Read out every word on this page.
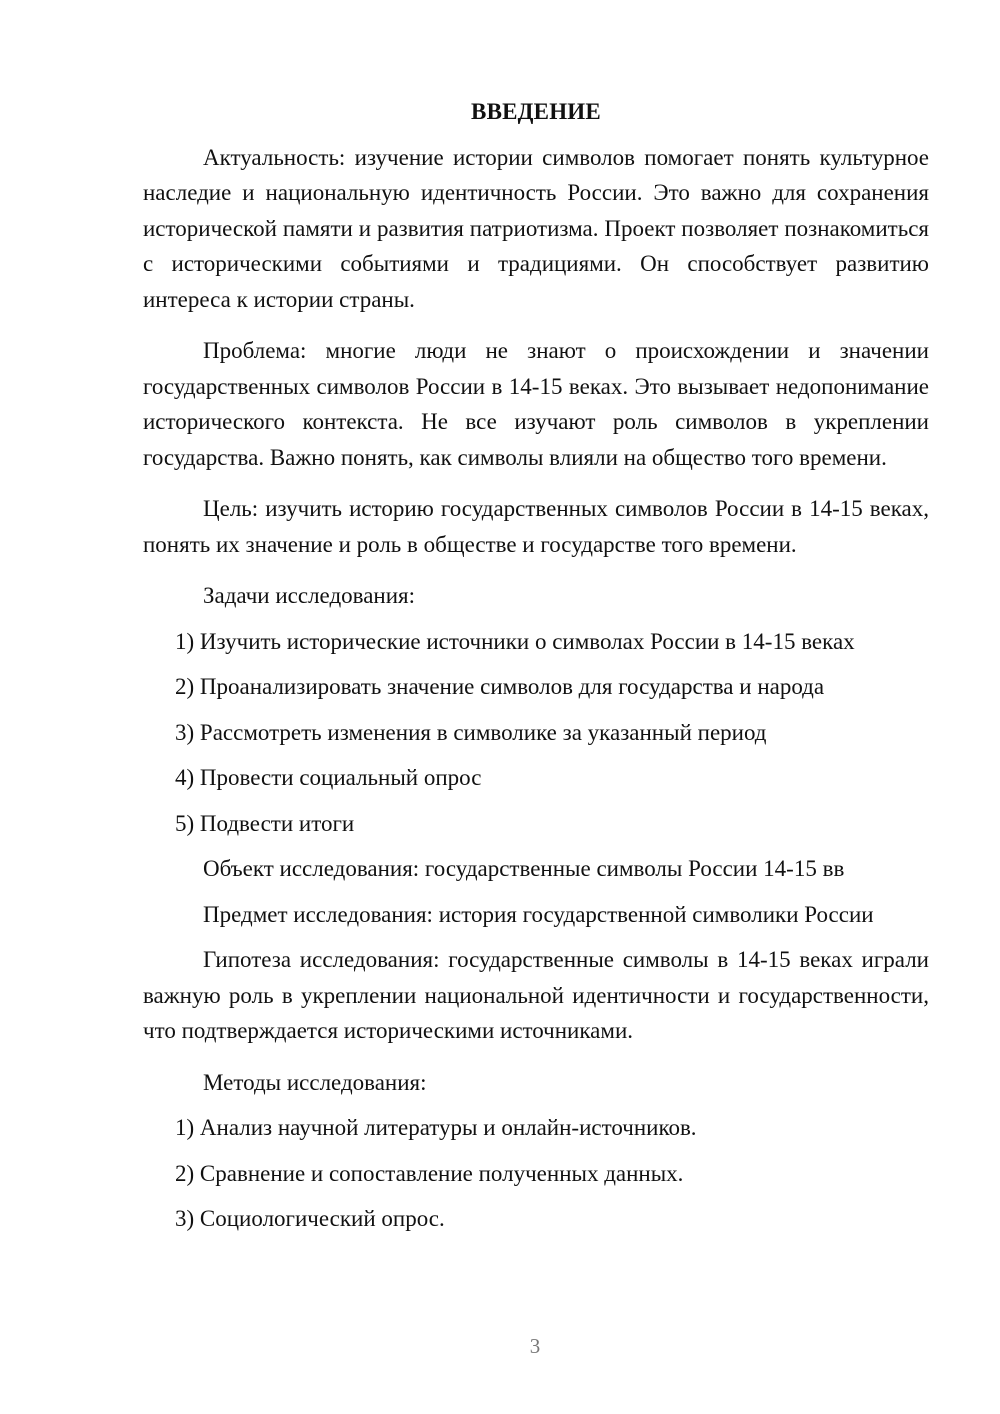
ВВЕДЕНИЕ

Актуальность: изучение истории символов помогает понять культурное наследие и национальную идентичность России. Это важно для сохранения исторической памяти и развития патриотизма. Проект позволяет познакомиться с историческими событиями и традициями. Он способствует развитию интереса к истории страны.

Проблема: многие люди не знают о происхождении и значении государственных символов России в 14-15 веках. Это вызывает недопонимание исторического контекста. Не все изучают роль символов в укреплении государства. Важно понять, как символы влияли на общество того времени.

Цель: изучить историю государственных символов России в 14-15 веках, понять их значение и роль в обществе и государстве того времени.

Задачи исследования:
1) Изучить исторические источники о символах России в 14-15 веках
2) Проанализировать значение символов для государства и народа
3) Рассмотреть изменения в символике за указанный период
4) Провести социальный опрос
5) Подвести итоги
Объект исследования: государственные символы России 14-15 вв
Предмет исследования: история государственной символики России

Гипотеза исследования: государственные символы в 14-15 веках играли важную роль в укреплении национальной идентичности и государственности, что подтверждается историческими источниками.

Методы исследования:
1) Анализ научной литературы и онлайн-источников.
2) Сравнение и сопоставление полученных данных.
3) Социологический опрос.
3
